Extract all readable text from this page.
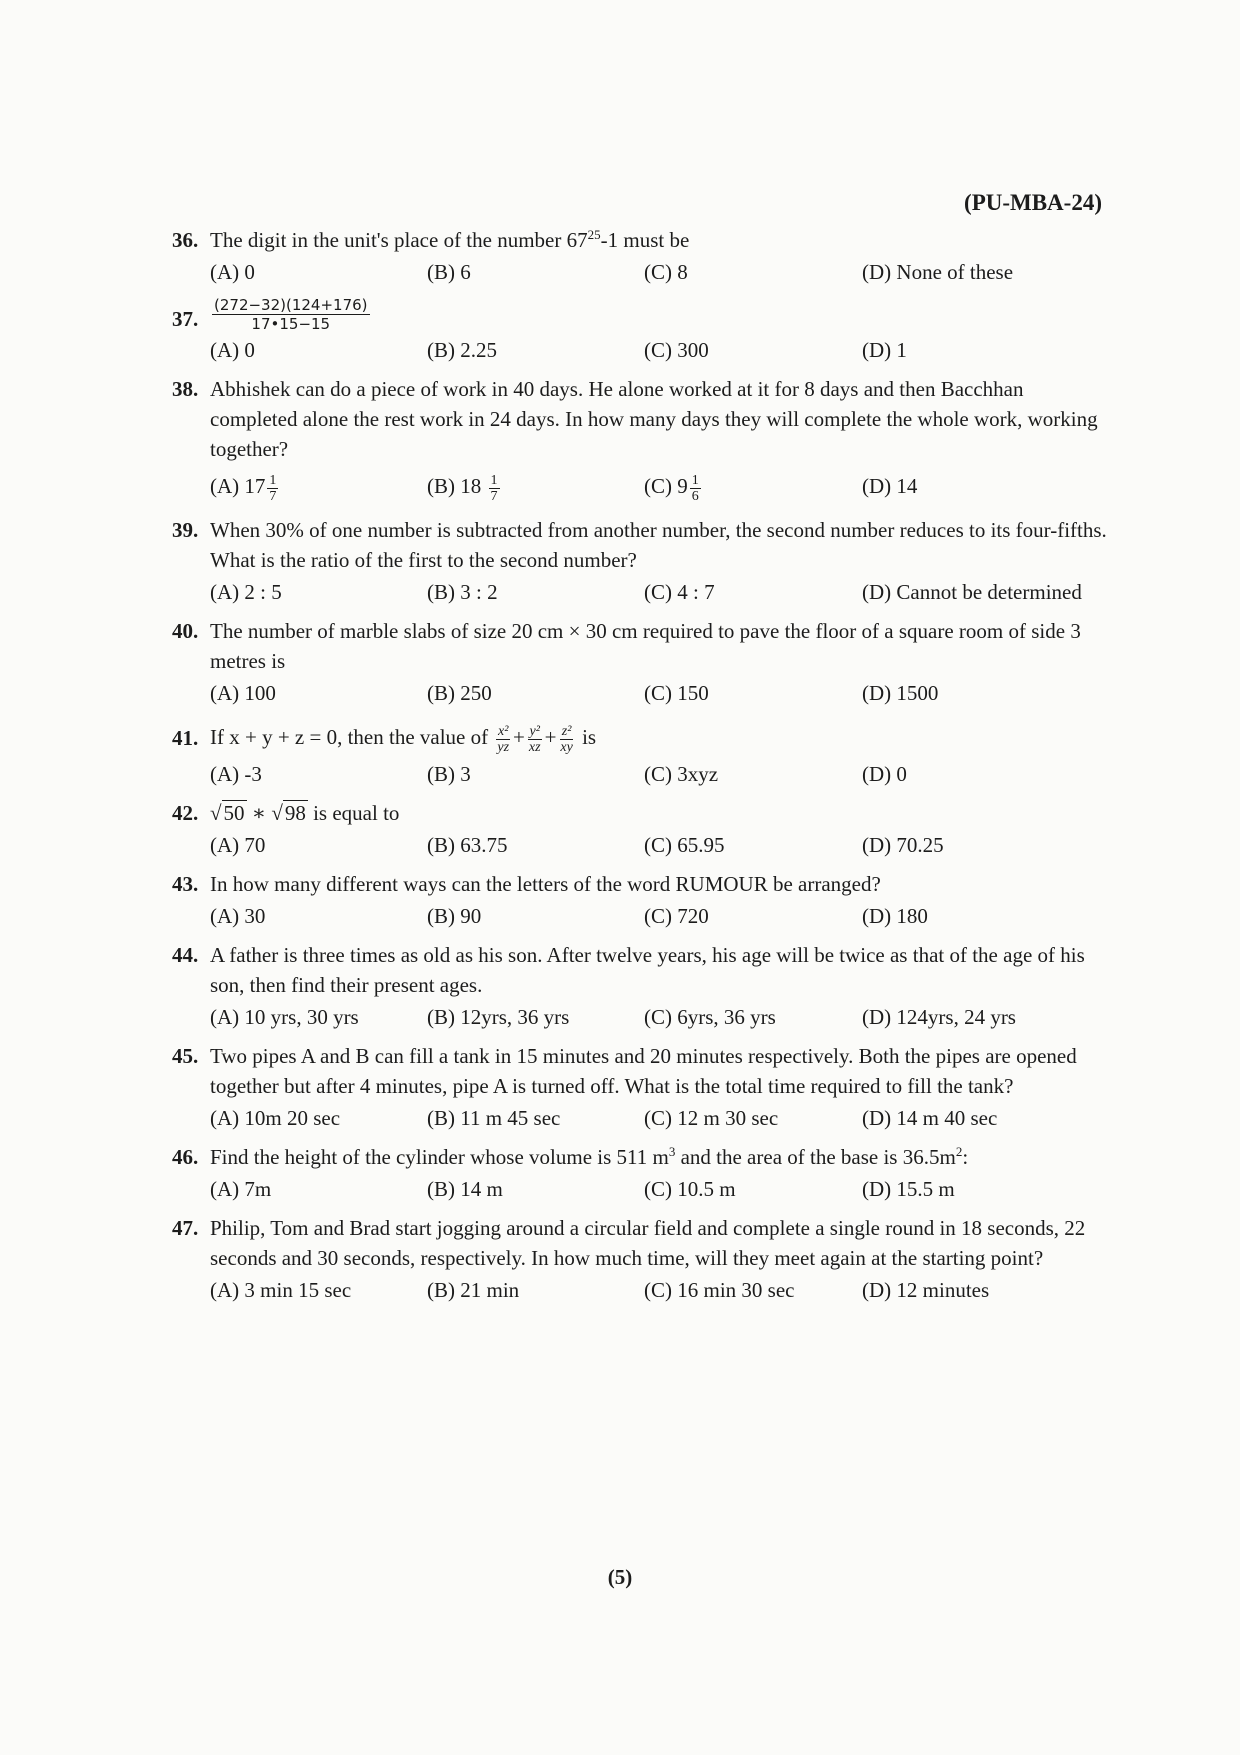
(PU-MBA-24)
36. The digit in the unit's place of the number $67^{25}-1$ must be
(A) 0	(B) 6	(C) 8	(D) None of these
37. $\frac{(272-32)(124+176)}{17•15-15}$
(A) 0	(B) 2.25	(C) 300	(D) 1
38. Abhishek can do a piece of work in 40 days. He alone worked at it for 8 days and then Bacchhan completed alone the rest work in 24 days. In how many days they will complete the whole work, working together?
(A) $17 \frac{1}{7}$	(B) $18 \frac{1}{7}$	(C) $9 \frac{1}{6}$	(D) 14
39. When 30% of one number is subtracted from another number, the second number reduces to its four-fifths. What is the ratio of the first to the second number?
(A) 2 : 5	(B) 3 : 2	(C) 4 : 7	(D) Cannot be determined
40. The number of marble slabs of size 20 cm × 30 cm required to pave the floor of a square room of side 3 metres is
(A) 100	(B) 250	(C) 150	(D) 1500
41. If x + y + z = 0, then the value of $\frac{\text{x²}}{yz} + \frac{\text{y²}}{xz} + \frac{\text{z²}}{xy}$ is
(A) -3	(B) 3	(C) 3xyz	(D) 0
42. √50 ∗ √98 is equal to
(A) 70	(B) 63.75	(C) 65.95	(D) 70.25
43. In how many different ways can the letters of the word RUMOUR be arranged?
(A) 30	(B) 90	(C) 720	(D) 180
44. A father is three times as old as his son. After twelve years, his age will be twice as that of the age of his son, then find their present ages.
(A) 10 yrs, 30 yrs	(B) 12yrs, 36 yrs	(C) 6yrs, 36 yrs	(D) 124yrs, 24 yrs
45. Two pipes A and B can fill a tank in 15 minutes and 20 minutes respectively. Both the pipes are opened together but after 4 minutes, pipe A is turned off. What is the total time required to fill the tank?
(A) 10m 20 sec	(B) 11 m 45 sec	(C) 12 m 30 sec	(D) 14 m 40 sec
46. Find the height of the cylinder whose volume is 511 $m^3$ and the area of the base is $36.5m^2$:
(A) 7m	(B) 14 m	(C) 10.5 m	(D) 15.5 m
47. Philip, Tom and Brad start jogging around a circular field and complete a single round in 18 seconds, 22 seconds and 30 seconds, respectively. In how much time, will they meet again at the starting point?
(A) 3 min 15 sec	(B) 21 min	(C) 16 min 30 sec	(D) 12 minutes
(5)
